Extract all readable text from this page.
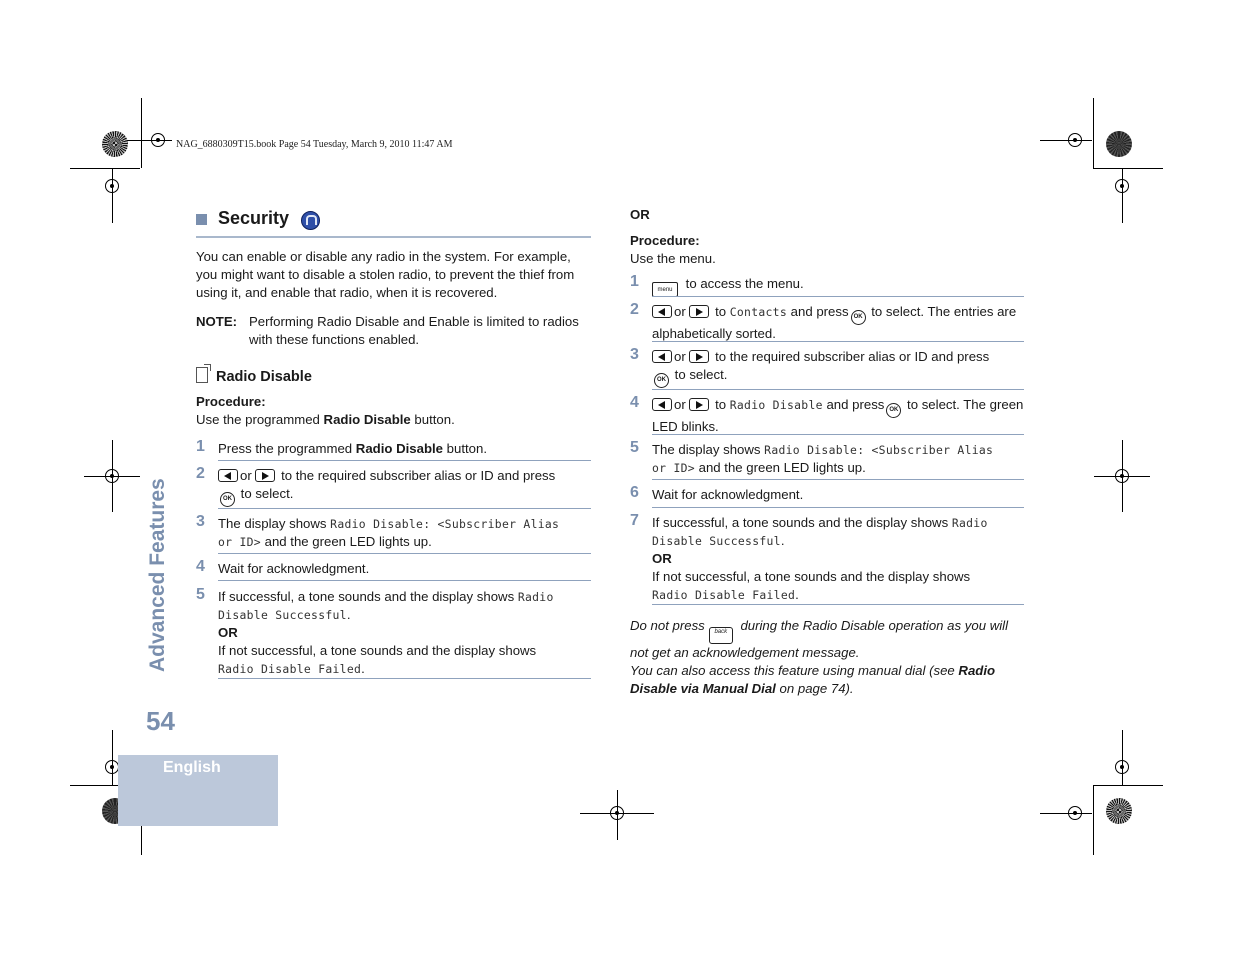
NAG_6880309T15.book Page 54 Tuesday, March 9, 2010 11:47 AM
Security
You can enable or disable any radio in the system. For example, you might want to disable a stolen radio, to prevent the thief from using it, and enable that radio, when it is recovered.
NOTE: Performing Radio Disable and Enable is limited to radios with these functions enabled.
Radio Disable
Procedure:
Use the programmed Radio Disable button.
1 Press the programmed Radio Disable button.
2	or
to the required subscriber alias or ID and press
OK to select.
3 The display shows Radio Disable: <Subscriber Alias
or ID> and the green LED lights up.
4 Wait for acknowledgment.
5 If successful, a tone sounds and the display shows Radio
Disable Successful.
OR
If not successful, a tone sounds and the display shows
Radio Disable Failed.
OR
Procedure:
Use the menu.
1	menu to access the menu.
2	or
to Contacts and press OK to select. The entries are alphabetically sorted.
3	or
to the required subscriber alias or ID and press
OK to select.
4	or
to Radio Disable and press OK to select. The green LED blinks.
5 The display shows Radio Disable: <Subscriber Alias
or ID> and the green LED lights up.
6 Wait for acknowledgment.
7 If successful, a tone sounds and the display shows Radio
Disable Successful.
OR
If not successful, a tone sounds and the display shows
Radio Disable Failed.
Do not press back during the Radio Disable operation as you will not get an acknowledgement message.
You can also access this feature using manual dial (see Radio Disable via Manual Dial on page 74).
Advanced Features
54
English
